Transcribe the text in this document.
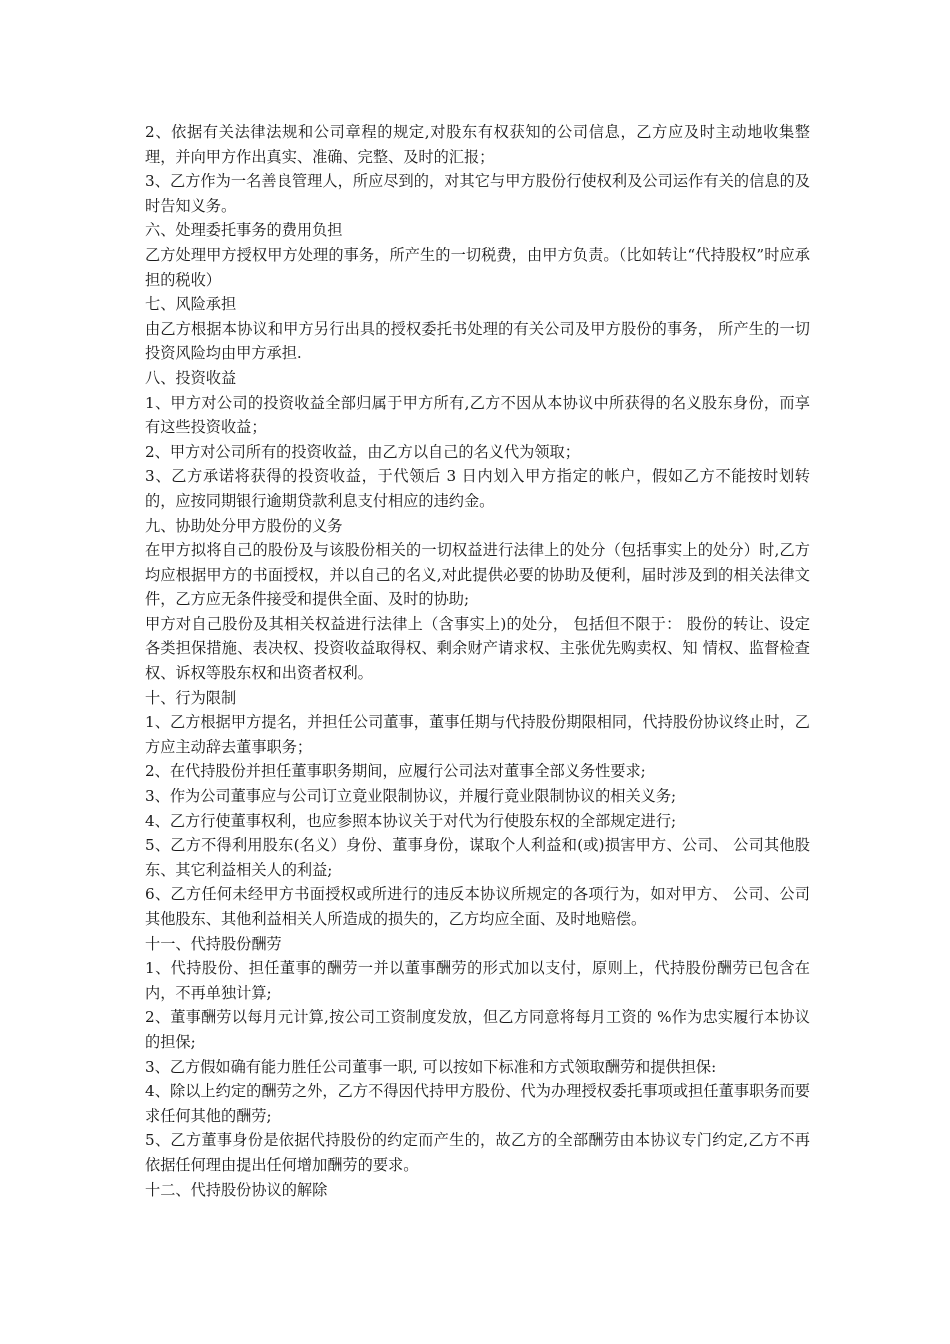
2、依据有关法律法规和公司章程的规定,对股东有权获知的公司信息，乙方应及时主动地收集整理，并向甲方作出真实、准确、完整、及时的汇报；

3、乙方作为一名善良管理人，所应尽到的，对其它与甲方股份行使权利及公司运作有关的信息的及时告知义务。

六、处理委托事务的费用负担

乙方处理甲方授权甲方处理的事务，所产生的一切税费，由甲方负责。（比如转让“代持股权”时应承担的税收）

七、风险承担

由乙方根据本协议和甲方另行出具的授权委托书处理的有关公司及甲方股份的事务， 所产生的一切投资风险均由甲方承担.

八、投资收益

1、甲方对公司的投资收益全部归属于甲方所有,乙方不因从本协议中所获得的名义股东身份，而享有这些投资收益；

2、甲方对公司所有的投资收益，由乙方以自己的名义代为领取；

3、乙方承诺将获得的投资收益，于代领后 3 日内划入甲方指定的帐户，假如乙方不能按时划转的，应按同期银行逾期贷款利息支付相应的违约金。

九、协助处分甲方股份的义务

在甲方拟将自己的股份及与该股份相关的一切权益进行法律上的处分（包括事实上的处分）时,乙方均应根据甲方的书面授权，并以自己的名义,对此提供必要的协助及便利，届时涉及到的相关法律文件，乙方应无条件接受和提供全面、及时的协助;

甲方对自己股份及其相关权益进行法律上（含事实上)的处分， 包括但不限于： 股份的转让、设定各类担保措施、表决权、投资收益取得权、剩余财产请求权、主张优先购卖权、知 情权、监督检查权、诉权等股东权和出资者权利。

十、行为限制

1、乙方根据甲方提名，并担任公司董事，董事任期与代持股份期限相同，代持股份协议终止时，乙方应主动辞去董事职务；

2、在代持股份并担任董事职务期间，应履行公司法对董事全部义务性要求;

3、作为公司董事应与公司订立竟业限制协议，并履行竟业限制协议的相关义务;

4、乙方行使董事权利，也应参照本协议关于对代为行使股东权的全部规定进行;

5、乙方不得利用股东(名义）身份、董事身份，谋取个人利益和(或)损害甲方、公司、 公司其他股东、其它利益相关人的利益;

6、乙方任何未经甲方书面授权或所进行的违反本协议所规定的各项行为，如对甲方、 公司、公司其他股东、其他利益相关人所造成的损失的，乙方均应全面、及时地赔偿。

十一、代持股份酬劳

1、代持股份、担任董事的酬劳一并以董事酬劳的形式加以支付，原则上，代持股份酬劳已包含在内，不再单独计算;

2、董事酬劳以每月元计算,按公司工资制度发放，但乙方同意将每月工资的 %作为忠实履行本协议的担保;

3、乙方假如确有能力胜任公司董事一职, 可以按如下标准和方式领取酬劳和提供担保:

4、除以上约定的酬劳之外，乙方不得因代持甲方股份、代为办理授权委托事项或担任董事职务而要求任何其他的酬劳;

5、乙方董事身份是依据代持股份的约定而产生的，故乙方的全部酬劳由本协议专门约定,乙方不再依据任何理由提出任何增加酬劳的要求。

十二、代持股份协议的解除
